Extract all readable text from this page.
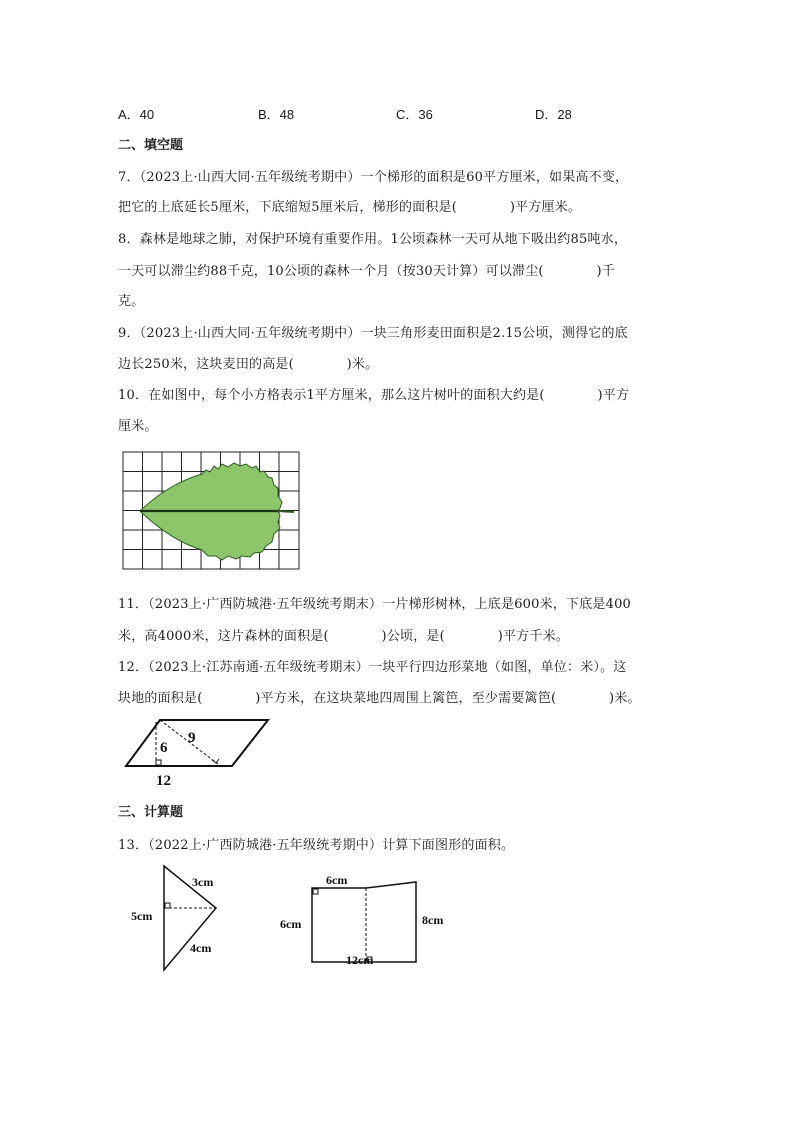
A．40	B．48	C．36	D．28
二、填空题
7．（2023上·山西大同·五年级统考期中）一个梯形的面积是60平方厘米，如果高不变，
把它的上底延长5厘米，下底缩短5厘米后，梯形的面积是(　　　　)平方厘米。
8．森林是地球之肺，对保护环境有重要作用。1公顷森林一天可从地下吸出约85吨水，
一天可以滞尘约88千克，10公顷的森林一个月（按30天计算）可以滞尘(　　　　)千
克。
9．（2023上·山西大同·五年级统考期中）一块三角形麦田面积是2.15公顷，测得它的底
边长250米，这块麦田的高是(　　　　)米。
10．在如图中，每个小方格表示1平方厘米，那么这片树叶的面积大约是(　　　　)平方
厘米。
11．（2023上·广西防城港·五年级统考期末）一片梯形树林，上底是600米，下底是400
米，高4000米，这片森林的面积是(　　　　)公顷，是(　　　　)平方千米。
12．（2023上·江苏南通·五年级统考期末）一块平行四边形菜地（如图，单位：米）。这
块地的面积是(　　　　)平方米，在这块菜地四周围上篱笆，至少需要篱笆(　　　　)米。
6
9
12
三、计算题
13．（2022上·广西防城港·五年级统考期中）计算下面图形的面积。
3cm
5cm
4cm
6cm
6cm	8cm
12cm
